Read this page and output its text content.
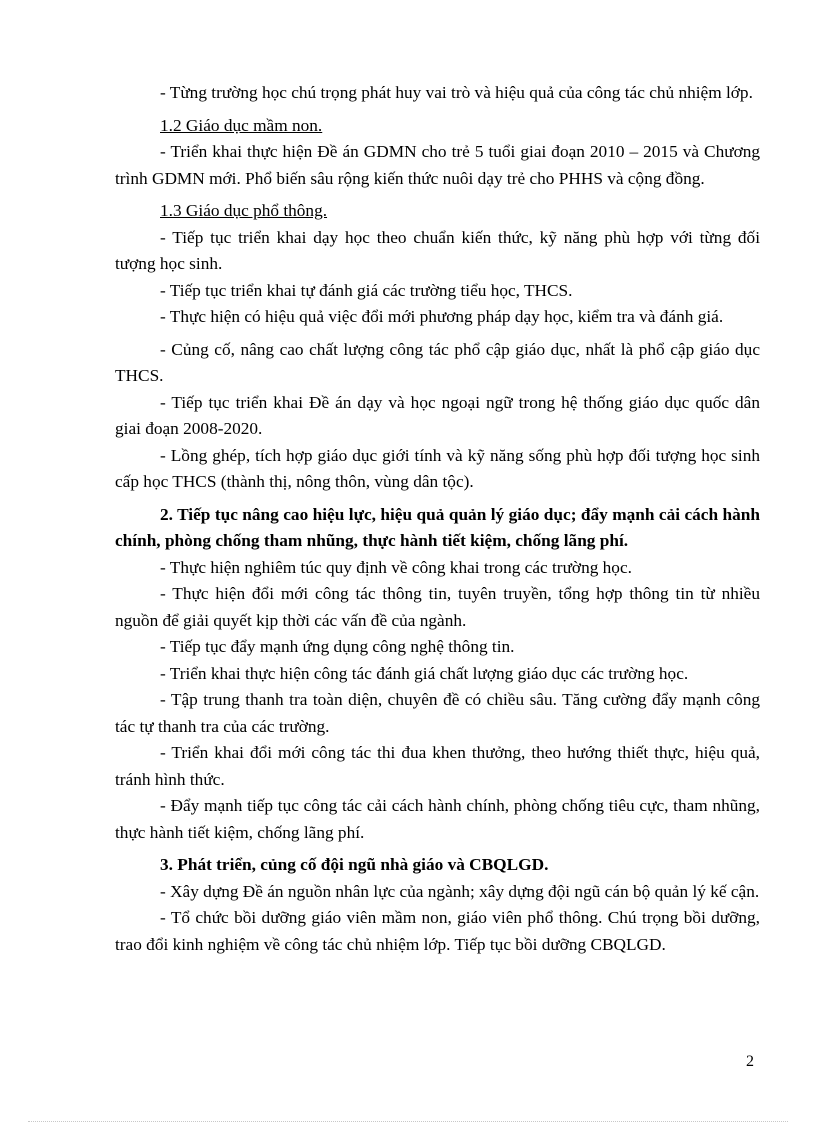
- Từng trường học chú trọng phát huy vai trò và hiệu quả của công tác chủ nhiệm lớp.

1.2 Giáo dục mầm non.

- Triển khai thực hiện Đề án GDMN cho trẻ 5 tuổi giai đoạn 2010 – 2015 và Chương trình GDMN mới. Phổ biến sâu rộng kiến thức nuôi dạy trẻ cho PHHS và cộng đồng.

1.3 Giáo dục phổ thông.

- Tiếp tục triển khai dạy học theo chuẩn kiến thức, kỹ năng phù hợp với từng đối tượng học sinh.

- Tiếp tục triển khai tự đánh giá các trường tiểu học, THCS.

- Thực hiện có hiệu quả việc đổi mới phương pháp dạy học, kiểm tra và đánh giá.

- Củng cố, nâng cao chất lượng công tác phổ cập giáo dục, nhất là phổ cập giáo dục THCS.

- Tiếp tục triển khai Đề án dạy và học ngoại ngữ trong hệ thống giáo dục quốc dân giai đoạn 2008-2020.

- Lồng ghép, tích hợp giáo dục giới tính và kỹ năng sống phù hợp đối tượng học sinh cấp học THCS (thành thị, nông thôn, vùng dân tộc).

2. Tiếp tục nâng cao hiệu lực, hiệu quả quản lý giáo dục; đẩy mạnh cải cách hành chính, phòng chống tham nhũng, thực hành tiết kiệm, chống lãng phí.

- Thực hiện nghiêm túc quy định về công khai trong các trường học.

- Thực hiện đổi mới công tác thông tin, tuyên truyền, tổng hợp thông tin từ nhiều nguồn để giải quyết kịp thời các vấn đề của ngành.

- Tiếp tục đẩy mạnh ứng dụng công nghệ thông tin.

- Triển khai thực hiện công tác đánh giá chất lượng giáo dục các trường học.

- Tập trung thanh tra toàn diện, chuyên đề có chiều sâu. Tăng cường đẩy mạnh công tác tự thanh tra của các trường.

- Triển khai đổi mới công tác thi đua khen thưởng, theo hướng thiết thực, hiệu quả, tránh hình thức.

- Đẩy mạnh tiếp tục công tác cải cách hành chính, phòng chống tiêu cực, tham nhũng, thực hành tiết kiệm, chống lãng phí.

3. Phát triển, củng cố đội ngũ nhà giáo và CBQLGD.

- Xây dựng Đề án nguồn nhân lực của ngành; xây dựng đội ngũ cán bộ quản lý kế cận.

- Tổ chức bồi dưỡng giáo viên mầm non, giáo viên phổ thông. Chú trọng bồi dưỡng, trao đổi kinh nghiệm về công tác chủ nhiệm lớp. Tiếp tục bồi dưỡng CBQLGD.

2
